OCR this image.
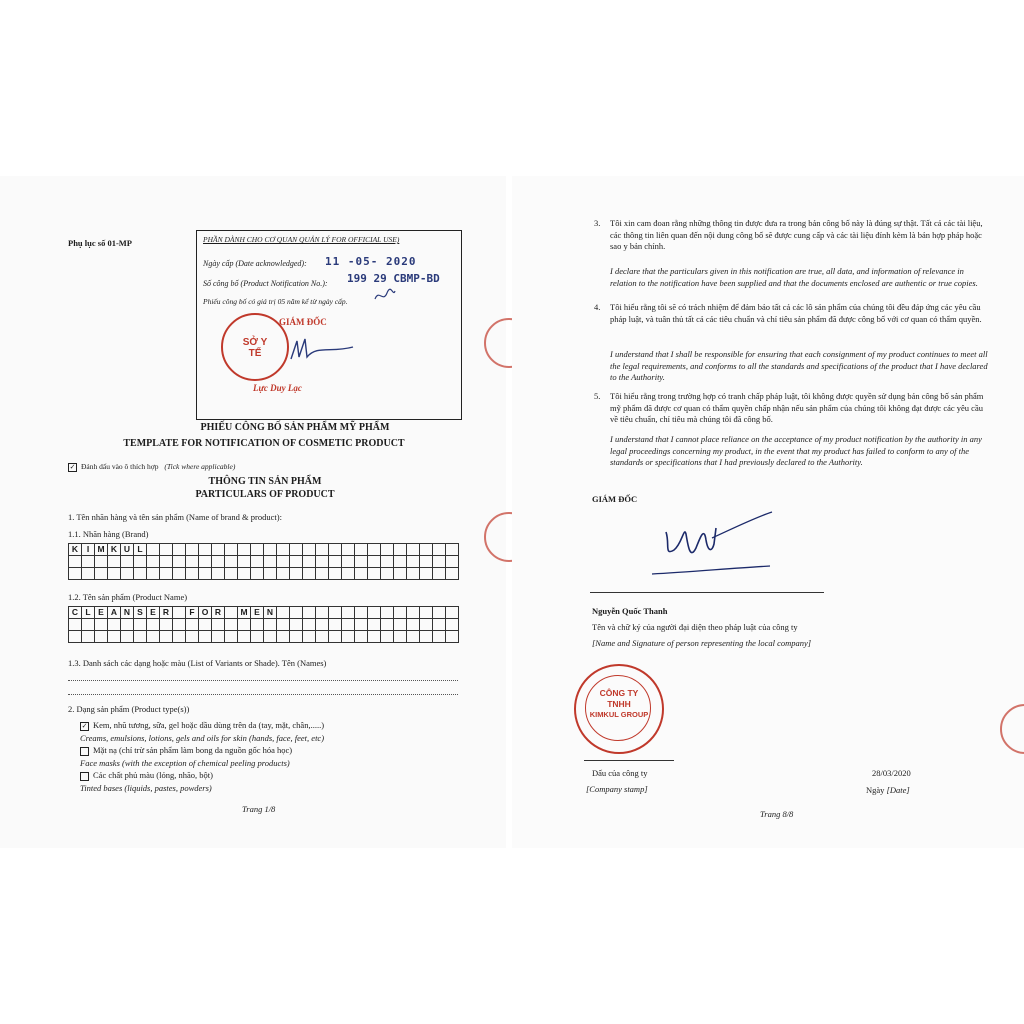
Phụ lục số 01-MP	PHẦN DÀNH CHO CƠ QUAN QUẢN LÝ FOR OFFICIAL USE)
Ngày cấp (Date acknowledged): 11 -05- 2020
Số công bố (Product Notification No.): 199 29 CBMP-BD
Phiếu công bố có giá trị 05 năm kể từ ngày cấp.
SỞ Y TẾ
GIÁM ĐỐC
Lực Duy Lạc
PHIẾU CÔNG BỐ SẢN PHẨM MỸ PHẨM
TEMPLATE FOR NOTIFICATION OF COSMETIC PRODUCT
✓ Đánh dấu vào ô thích hợp (Tick where applicable)
THÔNG TIN SẢN PHẨM
PARTICULARS OF PRODUCT
1. Tên nhãn hàng và tên sản phẩm (Name of brand & product):
1.1. Nhãn hàng (Brand)
K	I M K U L
1.2. Tên sản phẩm (Product Name)
C L E A N S E R	F O R	M E N
1.3. Danh sách các dạng hoặc màu (List of Variants or Shade). Tên (Names)
2. Dạng sản phẩm (Product type(s))
✓ Kem, nhũ tương, sữa, gel hoặc dầu dùng trên da (tay, mặt, chân,.....)
Creams, emulsions, lotions, gels and oils for skin (hands, face, feet, etc)
Mặt nạ (chỉ trừ sản phẩm làm bong da nguồn gốc hóa học)
Face masks (with the exception of chemical peeling products)
Các chất phủ màu (lỏng, nhão, bột)
Tinted bases (liquids, pastes, powders)
Trang 1/8
3. Tôi xin cam đoan rằng những thông tin được đưa ra trong bản công bố này là đúng sự thật. Tất cả các tài liệu, các thông tin liên quan đến nội dung công bố sẽ được cung cấp và các tài liệu đính kèm là bản hợp pháp hoặc sao y bản chính.
I declare that the particulars given in this notification are true, all data, and information of relevance in relation to the notification have been supplied and that the documents enclosed are authentic or true copies.
4. Tôi hiểu rằng tôi sẽ có trách nhiệm để đảm bảo tất cả các lô sản phẩm của chúng tôi đều đáp ứng các yêu cầu pháp luật, và tuân thủ tất cả các tiêu chuẩn và chỉ tiêu sản phẩm đã được công bố với cơ quan có thẩm quyền.
I understand that I shall be responsible for ensuring that each consignment of my product continues to meet all the legal requirements, and conforms to all the standards and specifications of the product that I have declared to the Authority.
5. Tôi hiểu rằng trong trường hợp có tranh chấp pháp luật, tôi không được quyền sử dụng bản công bố sản phẩm mỹ phẩm đã được cơ quan có thẩm quyền chấp nhận nếu sản phẩm của chúng tôi không đạt được các yêu cầu về tiêu chuẩn, chỉ tiêu mà chúng tôi đã công bố.
I understand that I cannot place reliance on the acceptance of my product notification by the authority in any legal proceedings concerning my product, in the event that my product has failed to conform to any of the standards or specifications that I had previously declared to the Authority.
GIÁM ĐỐC
Nguyễn Quốc Thanh
Tên và chữ ký của người đại diện theo pháp luật của công ty
[Name and Signature of person representing the local company]
CÔNG TY
TNHH
KIMKUL GROUP
Dấu của công ty
[Company stamp]
28/03/2020
Ngày [Date]
Trang 8/8
